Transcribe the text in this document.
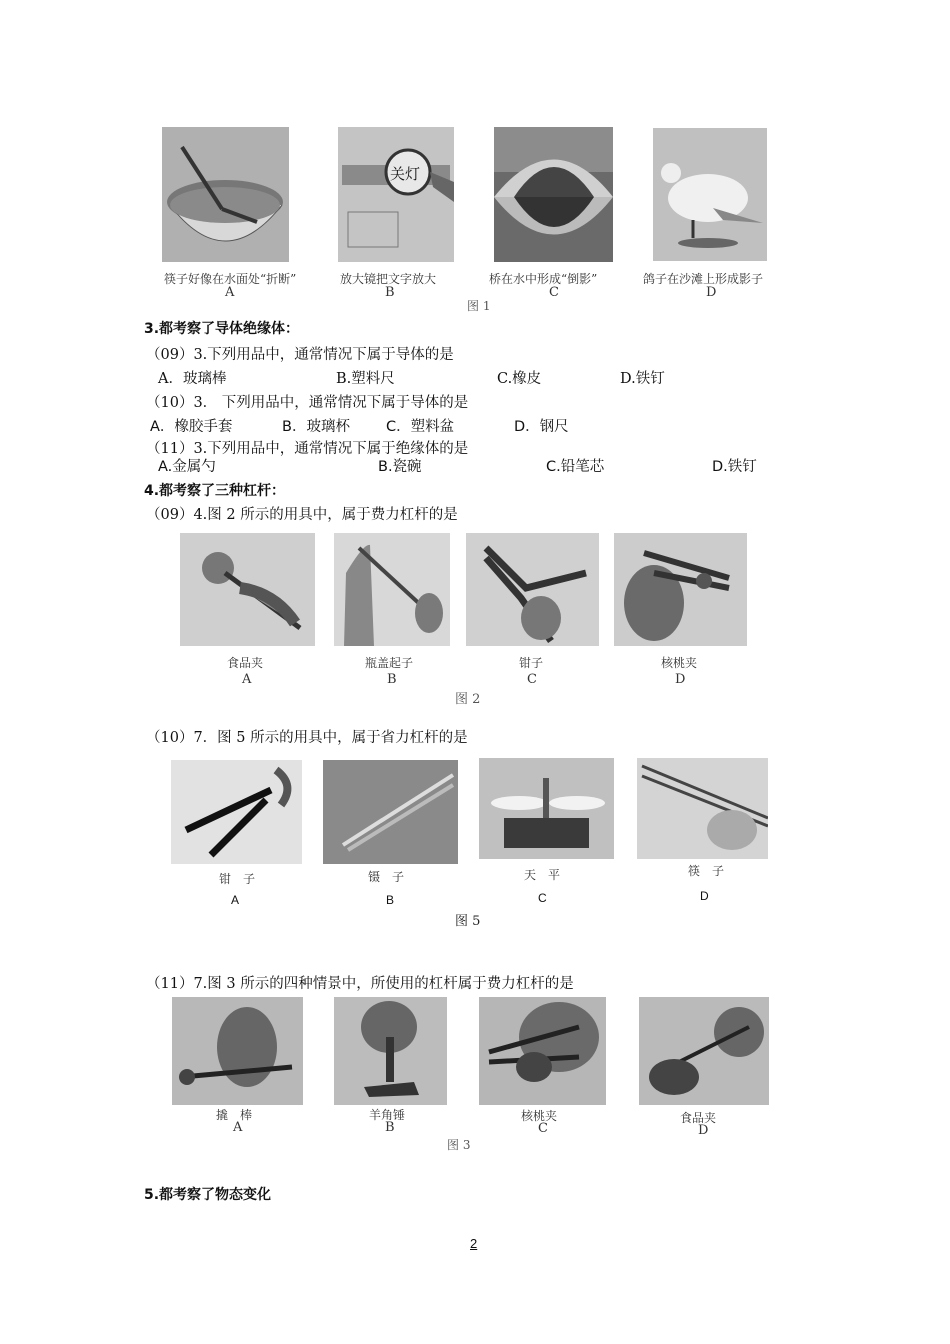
关灯
筷子好像在水面处“折断”	放大镜把文字放大	桥在水中形成“倒影”	鸽子在沙滩上形成影子
A	B	C	D
图 1
3.都考察了导体绝缘体：
（09）3.下列用品中，通常情况下属于导体的是
A．玻璃棒	B.塑料尺	C.橡皮	D.铁钉
（10）3． 下列用品中，通常情况下属于导体的是
A．橡胶手套	B．玻璃杯 C．塑料盆	D．钢尺
（11）3.下列用品中，通常情况下属于绝缘体的是
A.金属勺	B.瓷碗	C.铅笔芯	D.铁钉
4.都考察了三种杠杆：
（09）4.图 2 所示的用具中，属于费力杠杆的是
食品夹	瓶盖起子	钳子	核桃夹
A	B	C	D
图 2
（10）7．图 5 所示的用具中，属于省力杠杆的是
钳　子	镊　子	天　平	筷　子
A	B	C	D
图 5
（11）7.图 3 所示的四种情景中，所使用的杠杆属于费力杠杆的是
撬　棒	羊角锤	核桃夹	食品夹
A	B	C	D
图 3
5.都考察了物态变化
2
